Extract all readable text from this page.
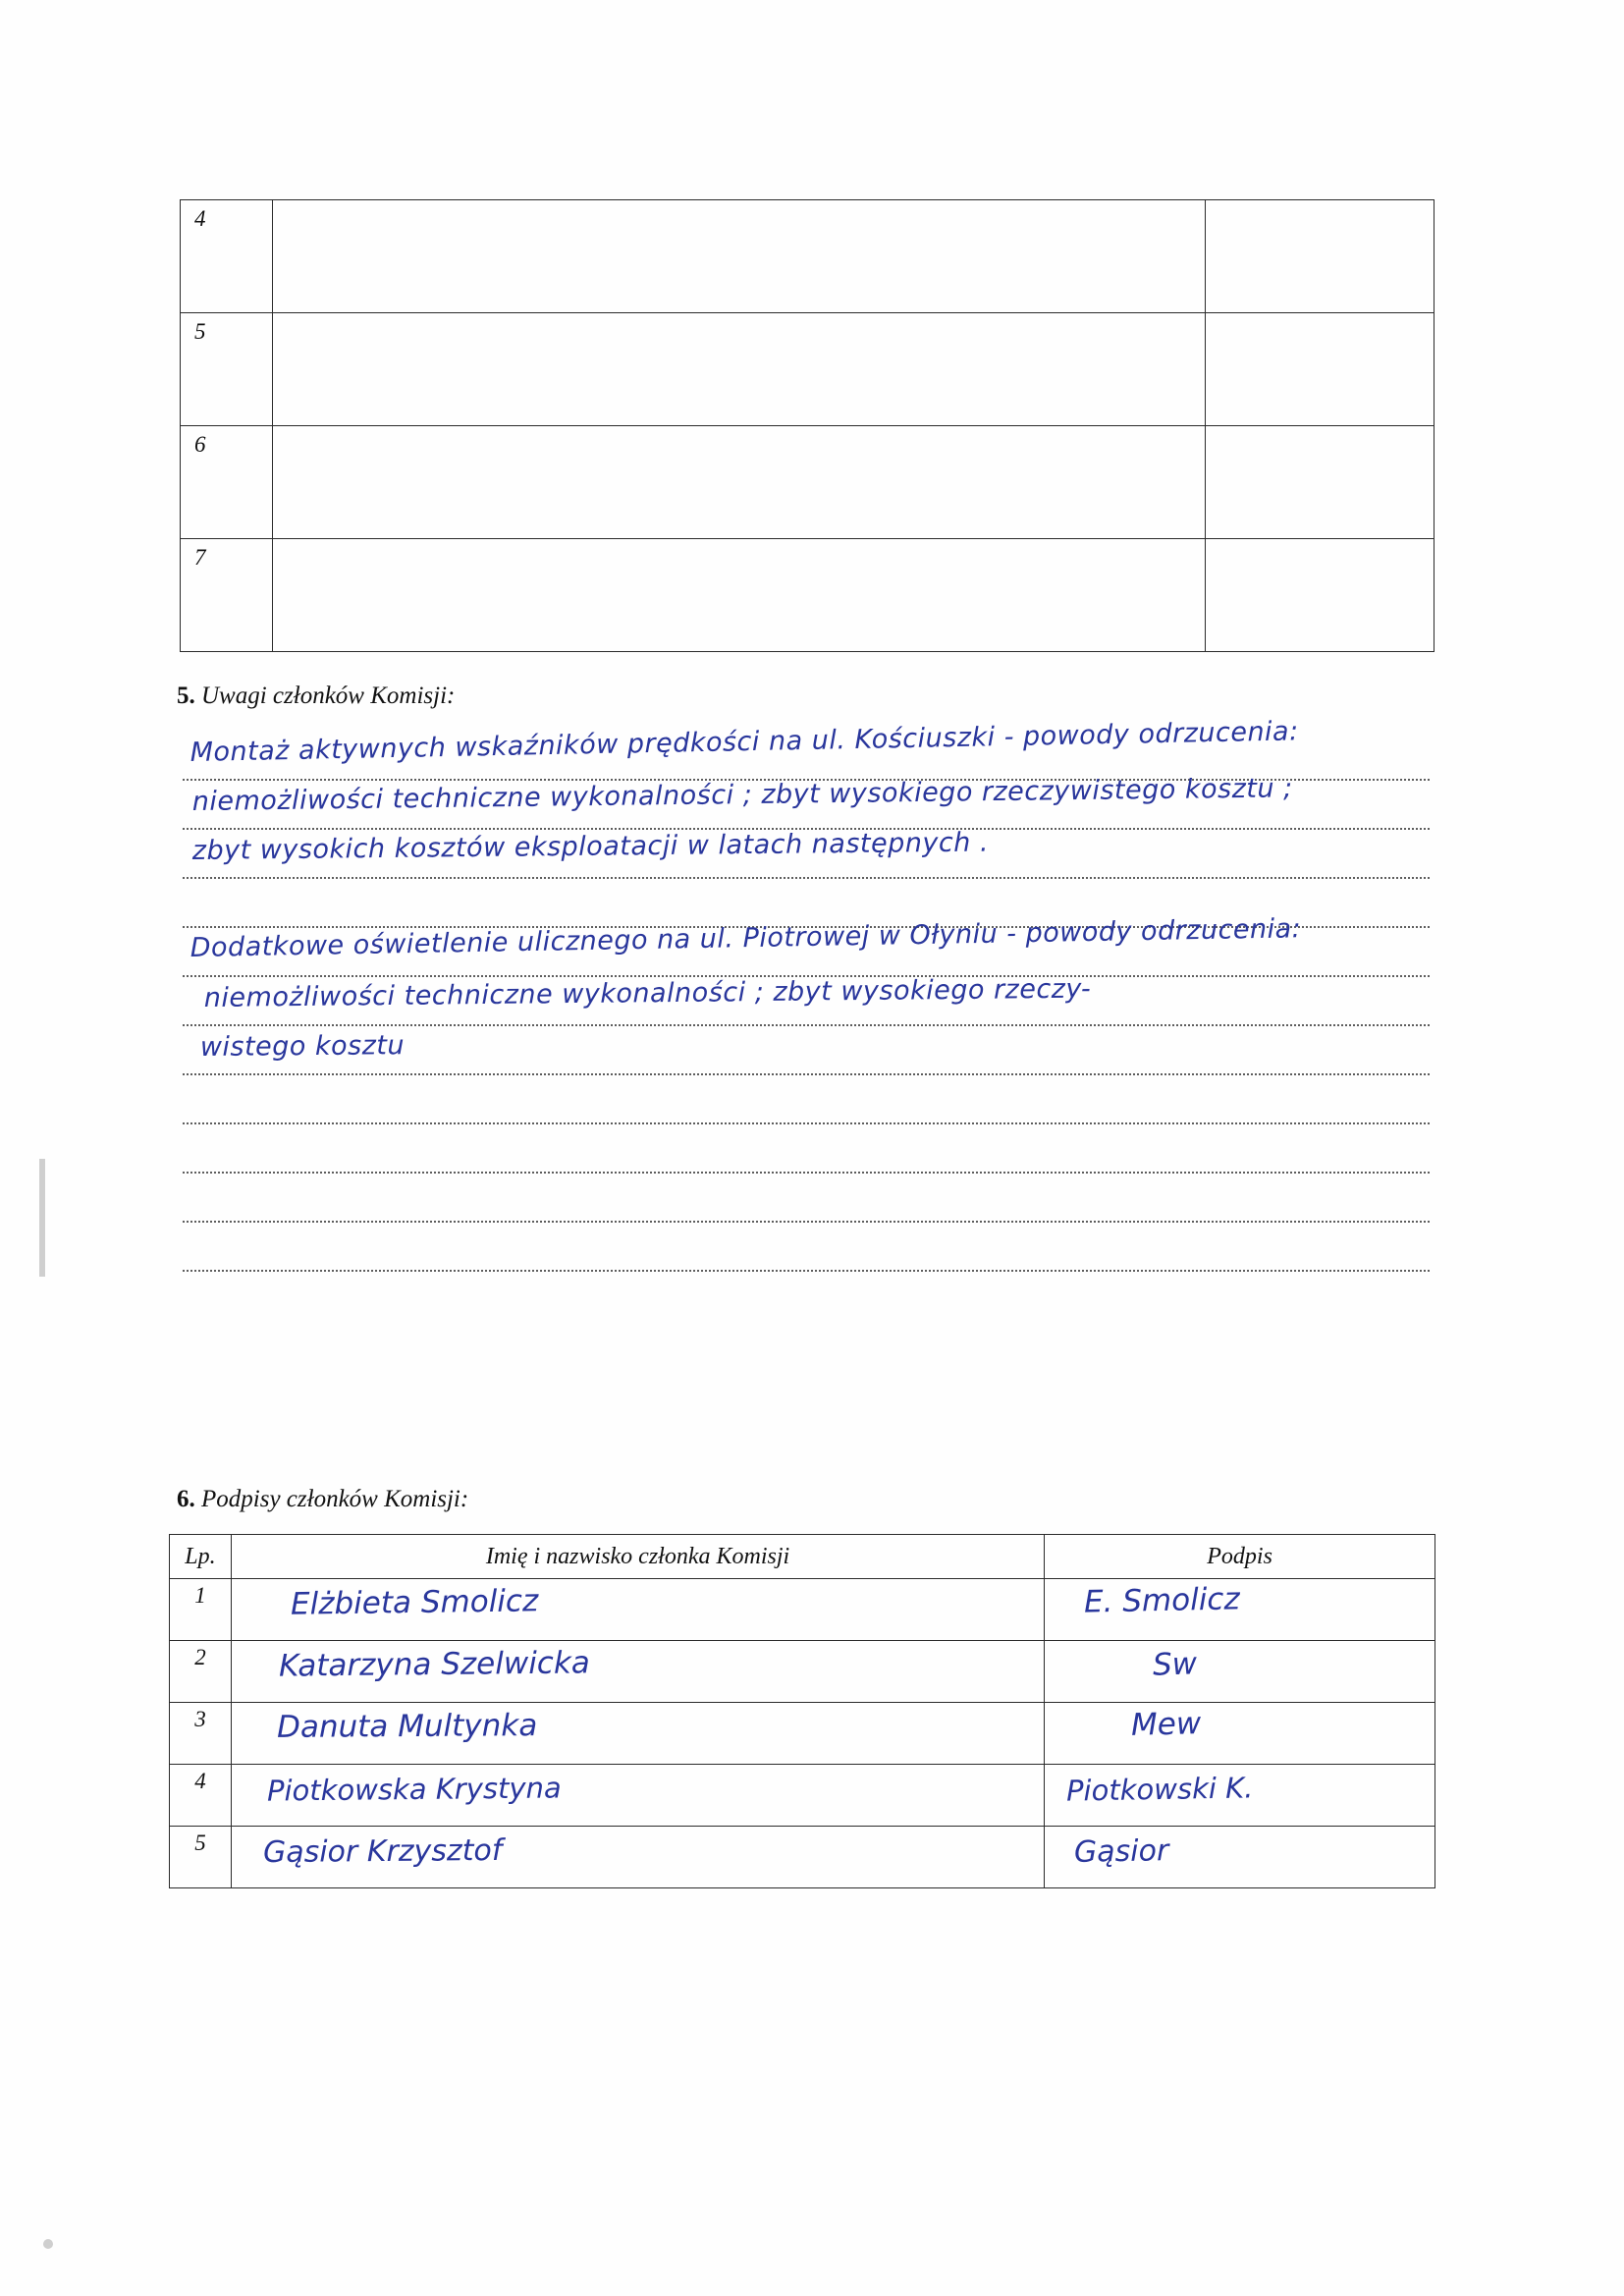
4		
5		
6		
7		
5. Uwagi członków Komisji:
Montaż aktywnych wskaźników prędkości na ul. Kościuszki - powody odrzucenia:
niemożliwości techniczne wykonalności ; zbyt wysokiego rzeczywistego kosztu ;
zbyt wysokich kosztów eksploatacji w latach następnych .
Dodatkowe oświetlenie ulicznego na ul. Piotrowej w Ołyniu - powody odrzucenia:
niemożliwości techniczne wykonalności ; zbyt wysokiego rzeczy-
wistego kosztu
6. Podpisy członków Komisji:
Lp.	Imię i nazwisko członka Komisji	Podpis

1	Elżbieta Smolicz	E. Smolicz

2	Katarzyna Szelwicka	Sw

3	Danuta Multynka	Mew

4	Piotkowska Krystyna	Piotkowski K.

5	Gąsior Krzysztof	Gąsior
